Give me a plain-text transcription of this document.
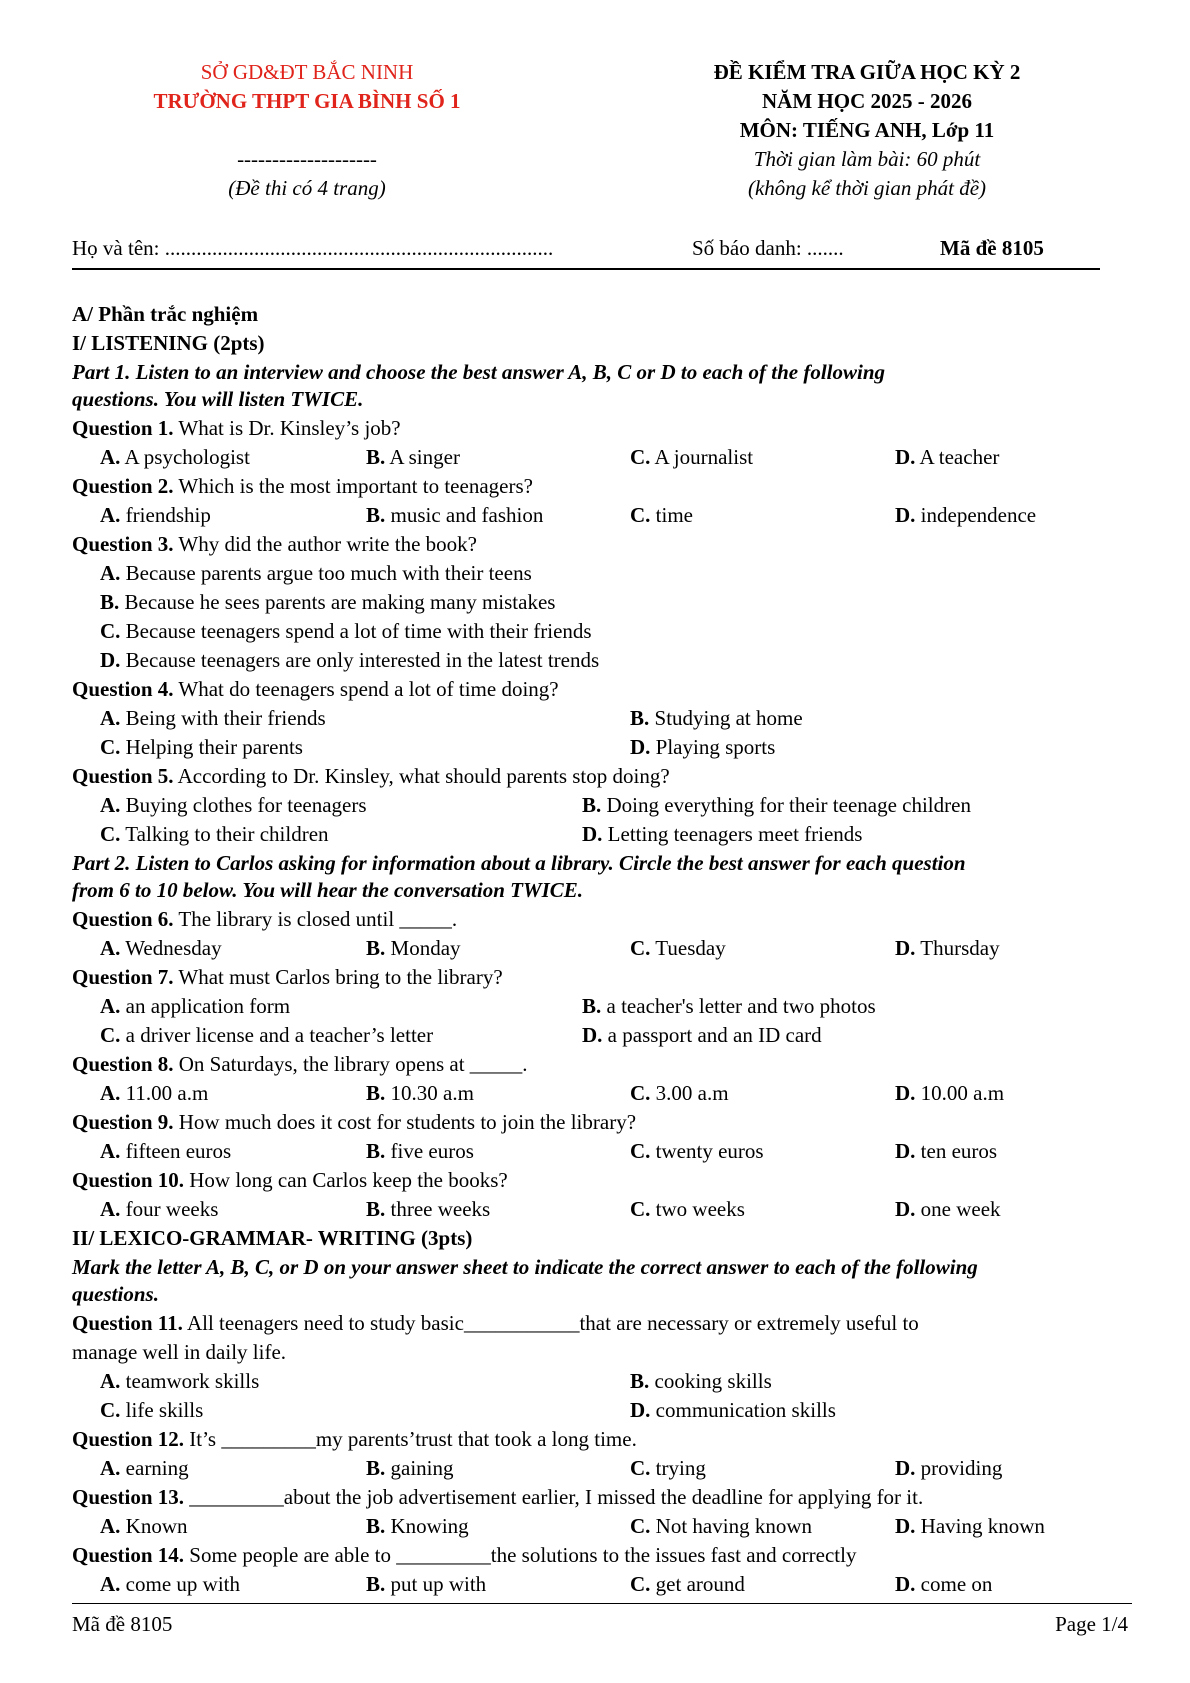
SỞ GD&ĐT BẮC NINH
TRƯỜNG THPT GIA BÌNH SỐ 1
--------------------
(Đề thi có 4 trang)
ĐỀ KIỂM TRA GIỮA HỌC KỲ 2
NĂM HỌC 2025 - 2026
MÔN: TIẾNG ANH, Lớp 11
Thời gian làm bài: 60 phút
(không kể thời gian phát đề)
Họ và tên: ..........................................................................	Số báo danh: .......	Mã đề 8105
A/ Phần trắc nghiệm
I/ LISTENING (2pts)
Part 1. Listen to an interview and choose the best answer A, B, C or D to each of the following
questions. You will listen TWICE.
Question 1. What is Dr. Kinsley’s job?
A. A psychologist	B. A singer	C. A journalist	D. A teacher
Question 2. Which is the most important to teenagers?
A. friendship	B. music and fashion	C. time	D. independence
Question 3. Why did the author write the book?
A. Because parents argue too much with their teens
B. Because he sees parents are making many mistakes
C. Because teenagers spend a lot of time with their friends
D. Because teenagers are only interested in the latest trends
Question 4. What do teenagers spend a lot of time doing?
A. Being with their friends	B. Studying at home
C. Helping their parents	D. Playing sports
Question 5. According to Dr. Kinsley, what should parents stop doing?
A. Buying clothes for teenagers	B. Doing everything for their teenage children
C. Talking to their children	D. Letting teenagers meet friends
Part 2. Listen to Carlos asking for information about a library. Circle the best answer for each question
from 6 to 10 below. You will hear the conversation TWICE.
Question 6. The library is closed until _____.
A. Wednesday	B. Monday	C. Tuesday	D. Thursday
Question 7. What must Carlos bring to the library?
A. an application form	B. a teacher's letter and two photos
C. a driver license and a teacher’s letter	D. a passport and an ID card
Question 8. On Saturdays, the library opens at _____.
A. 11.00 a.m	B. 10.30 a.m	C. 3.00 a.m	D. 10.00 a.m
Question 9. How much does it cost for students to join the library?
A. fifteen euros	B. five euros	C. twenty euros	D. ten euros
Question 10. How long can Carlos keep the books?
A. four weeks	B. three weeks	C. two weeks	D. one week
II/ LEXICO-GRAMMAR- WRITING (3pts)
Mark the letter A, B, C, or D on your answer sheet to indicate the correct answer to each of the following
questions.
Question 11. All teenagers need to study basic___________that are necessary or extremely useful to
manage well in daily life.
A. teamwork skills	B. cooking skills
C. life skills	D. communication skills
Question 12. It’s _________my parents’trust that took a long time.
A. earning	B. gaining	C. trying	D. providing
Question 13. _________about the job advertisement earlier, I missed the deadline for applying for it.
A. Known	B. Knowing	C. Not having known	D. Having known
Question 14. Some people are able to _________the solutions to the issues fast and correctly
A. come up with	B. put up with	C. get around	D. come on
Mã đề 8105	Page 1/4
